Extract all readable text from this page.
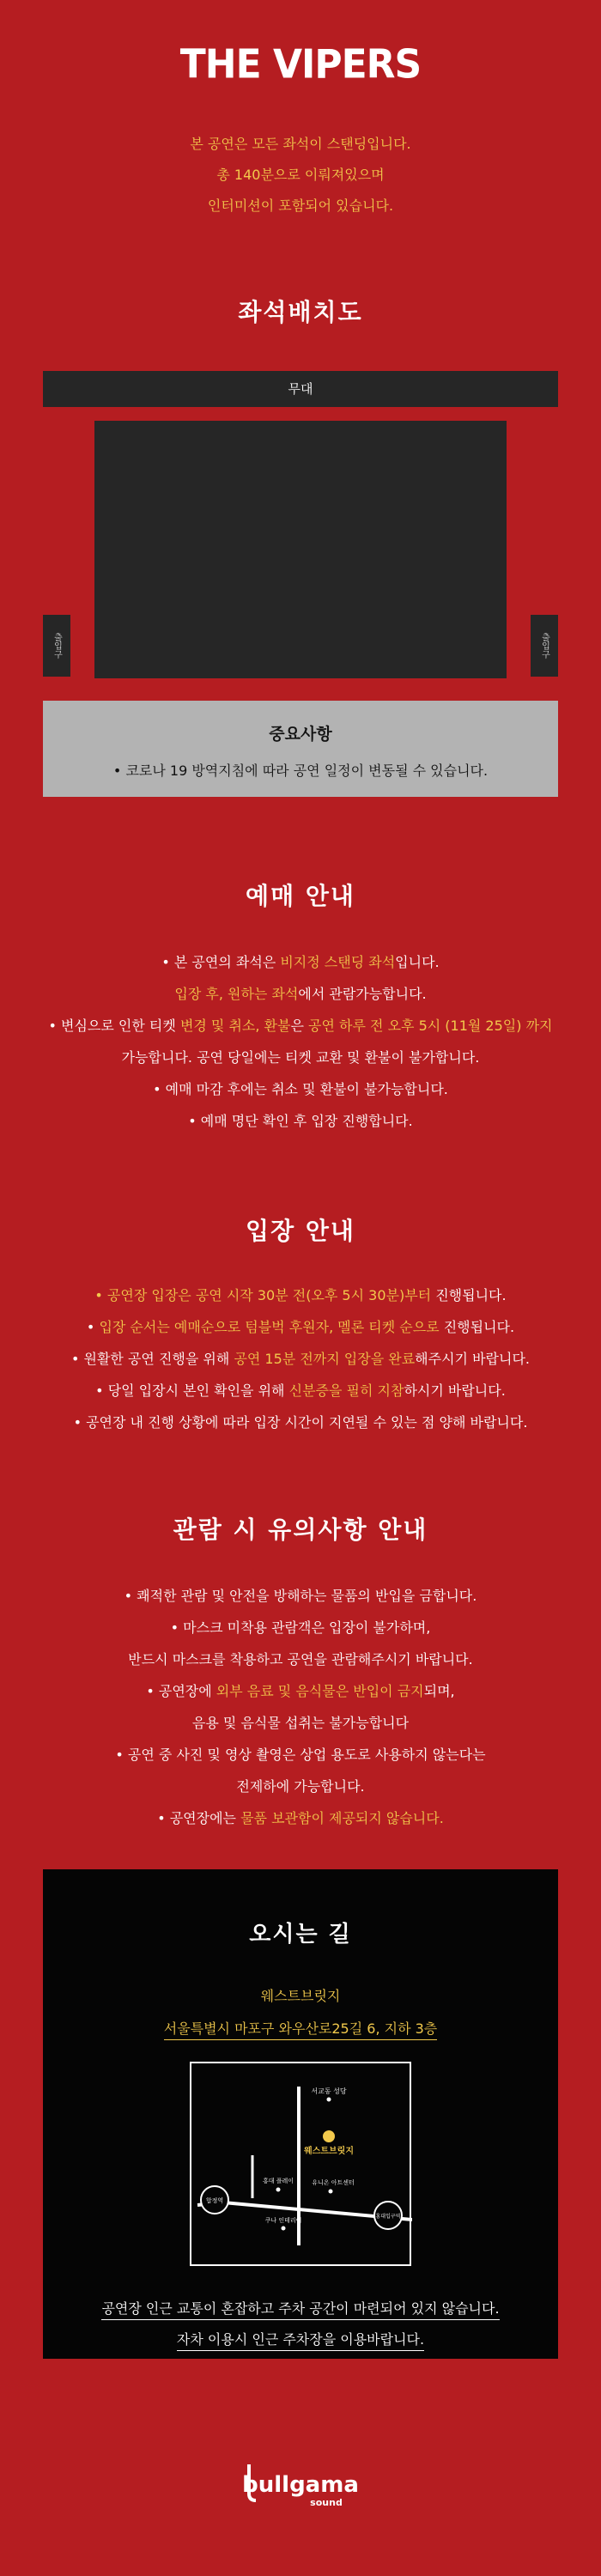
THE VIPERS
본 공연은 모든 좌석이 스탠딩입니다.
총 140분으로 이뤄져있으며
인터미션이 포함되어 있습니다.
좌석배치도
무대
출입구	출입구
중요사항
• 코로나 19 방역지침에 따라 공연 일정이 변동될 수 있습니다.
예매 안내
• 본 공연의 좌석은 비지정 스탠딩 좌석입니다.
입장 후, 원하는 좌석에서 관람가능합니다.
• 변심으로 인한 티켓 변경 및 취소, 환불은 공연 하루 전 오후 5시 (11월 25일) 까지
가능합니다. 공연 당일에는 티켓 교환 및 환불이 불가합니다.
• 예매 마감 후에는 취소 및 환불이 불가능합니다.
• 예매 명단 확인 후 입장 진행합니다.
입장 안내
• 공연장 입장은 공연 시작 30분 전(오후 5시 30분)부터 진행됩니다.
• 입장 순서는 예매순으로 텀블벅 후원자, 멜론 티켓 순으로 진행됩니다.
• 원활한 공연 진행을 위해 공연 15분 전까지 입장을 완료해주시기 바랍니다.
• 당일 입장시 본인 확인을 위해 신분증을 필히 지참하시기 바랍니다.
• 공연장 내 진행 상황에 따라 입장 시간이 지연될 수 있는 점 양해 바랍니다.
관람 시 유의사항 안내
• 쾌적한 관람 및 안전을 방해하는 물품의 반입을 금합니다.
• 마스크 미착용 관람객은 입장이 불가하며,
반드시 마스크를 착용하고 공연을 관람해주시기 바랍니다.
• 공연장에 외부 음료 및 음식물은 반입이 금지되며,
음용 및 음식물 섭취는 불가능합니다
• 공연 중 사진 및 영상 촬영은 상업 용도로 사용하지 않는다는
전제하에 가능합니다.
• 공연장에는 물품 보관함이 제공되지 않습니다.
오시는 길
웨스트브릿지
서울특별시 마포구 와우산로25길 6, 지하 3층
서교동 성당
웨스트브릿지
합정역
홍대입구역
홍대 플레이	유니온 아트센터
쿠나 인테리어
공연장 인근 교통이 혼잡하고 주차 공간이 마련되어 있지 않습니다.
자차 이용시 인근 주차장을 이용바랍니다.
bullgama
sound
